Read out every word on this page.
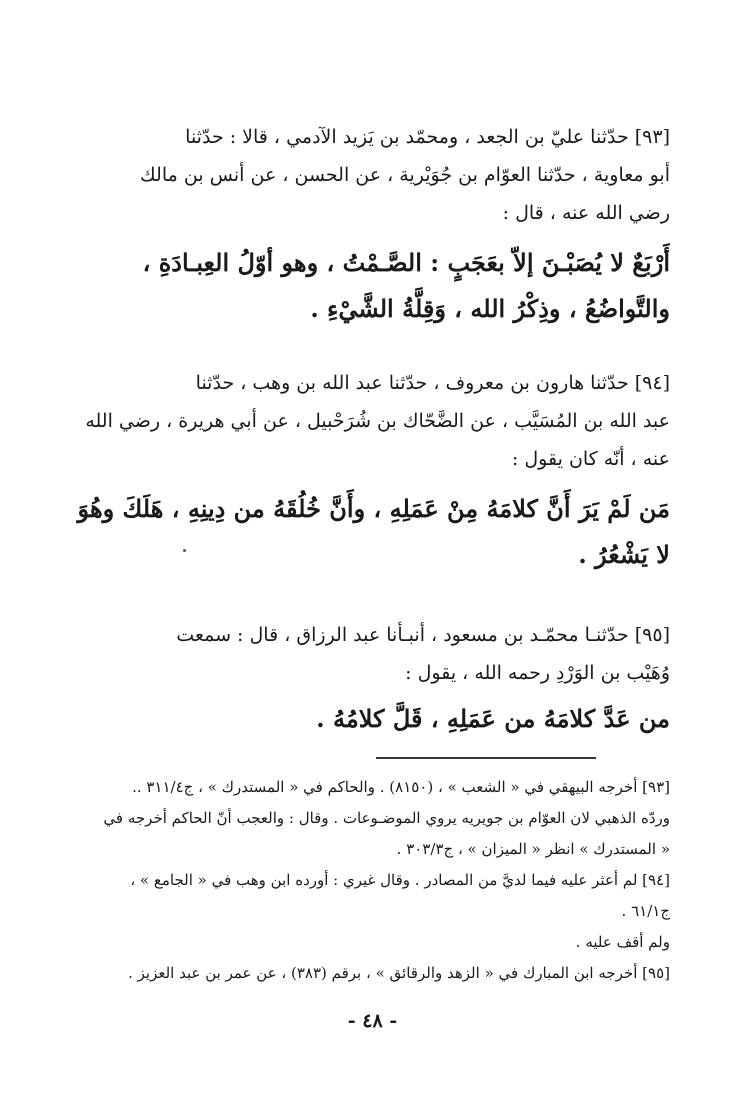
[٩٣] حدّثنا عليّ بن الجعد ، ومحمّد بن يَزيد الآدمي ، قالا : حدّثنا
أبو معاوية ، حدّثنا العوّام بن جُوَيْرية ، عن الحسن ، عن أنس بن مالك
رضي الله عنه ، قال :
أَرْبَعٌ لا يُصَبْـنَ إلاّ بعَجَبٍ : الصَّـمْتُ ، وهو أوّلُ العِبـادَةِ ،
والتَّواضُعُ ، وذِكْرُ الله ، وَقِلَّةُ الشَّيْءِ .
[٩٤] حدّثنا هارون بن معروف ، حدّثنا عبد الله بن وهب ، حدّثنا
عبد الله بن المُسَيَّب ، عن الضَّحّاك بن شُرَحْبيل ، عن أبي هريرة ، رضي الله
عنه ، أنّه كان يقول :
مَن لَمْ يَرَ أَنَّ كلامَهُ مِنْ عَمَلِهِ ، وأَنَّ خُلُقَهُ من دِينِهِ ، هَلَكَ وهُوَ
لا يَشْعُرُ .
[٩٥] حدّثنـا محمّـد بن مسعود ، أنبـأنا عبد الرزاق ، قال : سمعت
وُهَيْب بن الوَرْدِ رحمه الله ، يقول :
من عَدَّ كلامَهُ من عَمَلِهِ ، قَلَّ كلامُهُ .
[٩٣] أخرجه البيهقي في « الشعب » ، (٨١٥٠) . والحاكم في « المستدرك » ، ج٣١١/٤ ..
وردّه الذهبي لان العوّام بن جويريه يروي الموضـوعات . وقال : والعجب أنّ الحاكم أخرجه في
« المستدرك » انظر « الميزان » ، ج٣٠٣/٣ .
[٩٤] لم أعثر عليه فيما لديَّ من المصادر . وقال غيري : أورده ابن وهب في « الجامع » ،
ج٦١/١ .
ولم أقف عليه .
[٩٥] أخرجه ابن المبارك في « الزهد والرقائق » ، برقم (٣٨٣) ، عن عمر بن عبد العزيز .
- ٤٨ -
